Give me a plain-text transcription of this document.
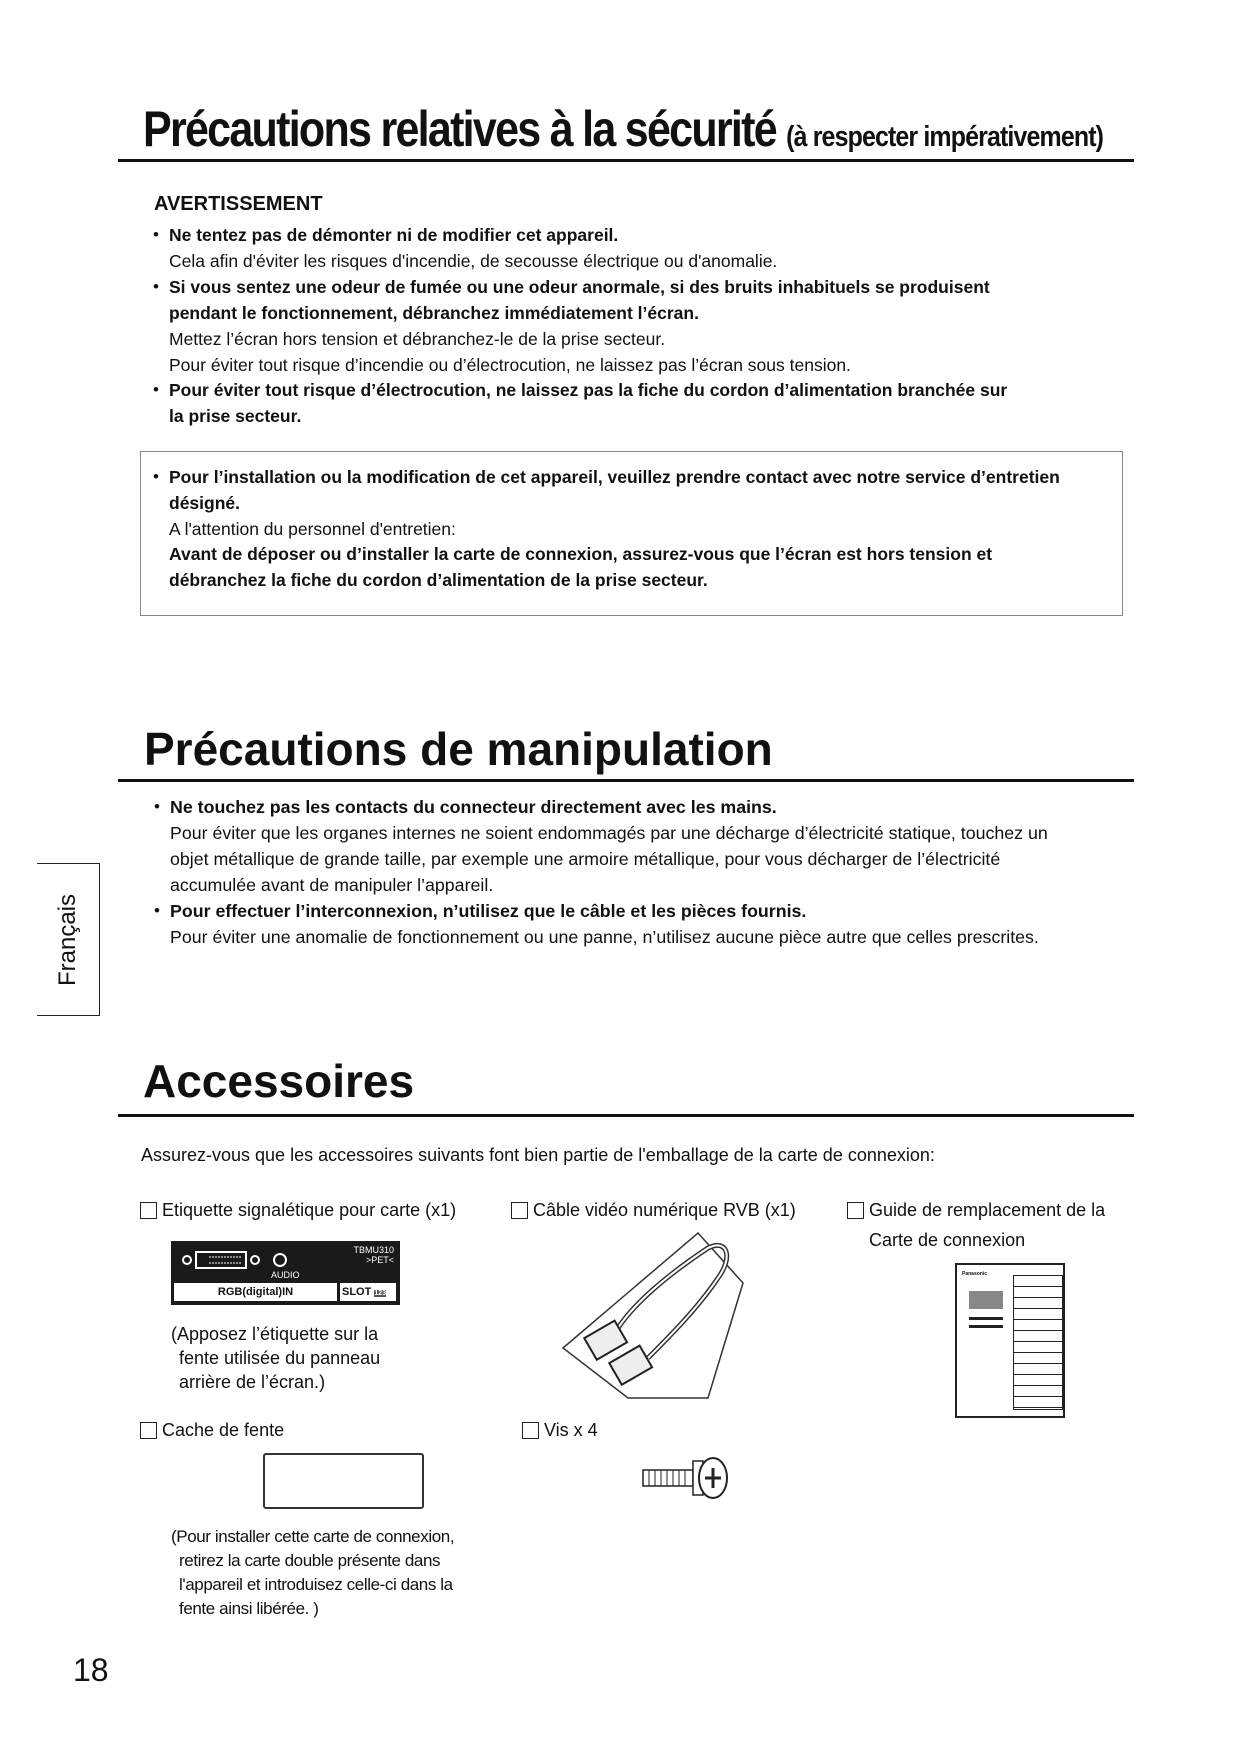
Précautions relatives à la sécurité (à respecter impérativement)
AVERTISSEMENT
• Ne tentez pas de démonter ni de modifier cet appareil.
Cela afin d'éviter les risques d'incendie, de secousse électrique ou d'anomalie.
• Si vous sentez une odeur de fumée ou une odeur anormale, si des bruits inhabituels se produisent
pendant le fonctionnement, débranchez immédiatement l’écran.
Mettez l’écran hors tension et débranchez-le de la prise secteur.
Pour éviter tout risque d’incendie ou d’électrocution, ne laissez pas l’écran sous tension.
• Pour éviter tout risque d’électrocution, ne laissez pas la fiche du cordon d’alimentation branchée sur
la prise secteur.
• Pour l’installation ou la modification de cet appareil, veuillez prendre contact avec notre service d’entretien
désigné.
A l'attention du personnel d'entretien:
Avant de déposer ou d’installer la carte de connexion, assurez-vous que l’écran est hors tension et
débranchez la fiche du cordon d’alimentation de la prise secteur.
Précautions de manipulation
• Ne touchez pas les contacts du connecteur directement avec les mains.
Pour éviter que les organes internes ne soient endommagés par une décharge d’électricité statique, touchez un
objet métallique de grande taille, par exemple une armoire métallique, pour vous décharger de l’électricité
accumulée avant de manipuler l’appareil.
• Pour effectuer l’interconnexion, n’utilisez que le câble et les pièces fournis.
Pour éviter une anomalie de fonctionnement ou une panne, n’utilisez aucune pièce autre que celles prescrites.
Français
Accessoires
Assurez-vous que les accessoires suivants font bien partie de l'emballage de la carte de connexion:
Etiquette signalétique pour carte (x1)	Câble vidéo numérique RVB (x1)	Guide de remplacement de la
Carte de connexion
TBMU310
>PET<
AUDIO
RGB(digital)IN	SLOT 123
(Apposez l’étiquette sur la
fente utilisée du panneau
arrière de l’écran.)
Panasonic
Cache de fente	Vis x 4
(Pour installer cette carte de connexion,
retirez la carte double présente dans
l'appareil et introduisez celle-ci dans la
fente ainsi libérée. )
18
